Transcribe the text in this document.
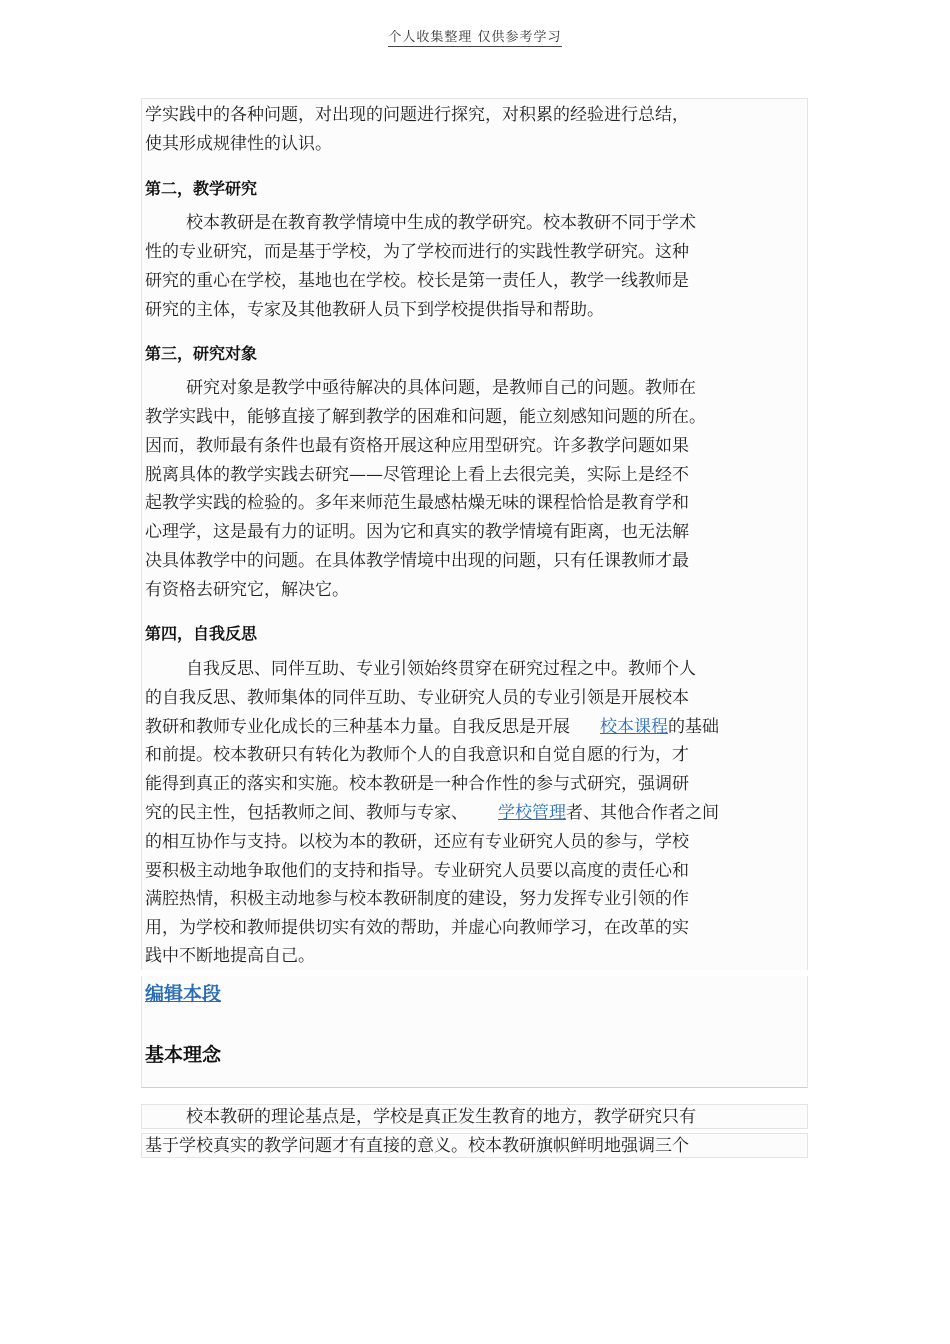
个人收集整理 仅供参考学习
学实践中的各种问题，对出现的问题进行探究，对积累的经验进行总结，
使其形成规律性的认识。
第二，教学研究
校本教研是在教育教学情境中生成的教学研究。校本教研不同于学术
性的专业研究，而是基于学校，为了学校而进行的实践性教学研究。这种
研究的重心在学校，基地也在学校。校长是第一责任人，教学一线教师是
研究的主体，专家及其他教研人员下到学校提供指导和帮助。
第三，研究对象
研究对象是教学中亟待解决的具体问题，是教师自己的问题。教师在
教学实践中，能够直接了解到教学的困难和问题，能立刻感知问题的所在。
因而，教师最有条件也最有资格开展这种应用型研究。许多教学问题如果
脱离具体的教学实践去研究——尽管理论上看上去很完美，实际上是经不
起教学实践的检验的。多年来师范生最感枯燥无味的课程恰恰是教育学和
心理学，这是最有力的证明。因为它和真实的教学情境有距离，也无法解
决具体教学中的问题。在具体教学情境中出现的问题，只有任课教师才最
有资格去研究它，解决它。
第四，自我反思
自我反思、同伴互助、专业引领始终贯穿在研究过程之中。教师个人
的自我反思、教师集体的同伴互助、专业研究人员的专业引领是开展校本
教研和教师专业化成长的三种基本力量。自我反思是开展 校本课程的基础
和前提。校本教研只有转化为教师个人的自我意识和自觉自愿的行为，才
能得到真正的落实和实施。校本教研是一种合作性的参与式研究，强调研
究的民主性，包括教师之间、教师与专家、 学校管理者、其他合作者之间
的相互协作与支持。以校为本的教研，还应有专业研究人员的参与，学校
要积极主动地争取他们的支持和指导。专业研究人员要以高度的责任心和
满腔热情，积极主动地参与校本教研制度的建设，努力发挥专业引领的作
用，为学校和教师提供切实有效的帮助，并虚心向教师学习，在改革的实
践中不断地提高自己。
编辑本段
基本理念
校本教研的理论基点是，学校是真正发生教育的地方，教学研究只有
基于学校真实的教学问题才有直接的意义。校本教研旗帜鲜明地强调三个
